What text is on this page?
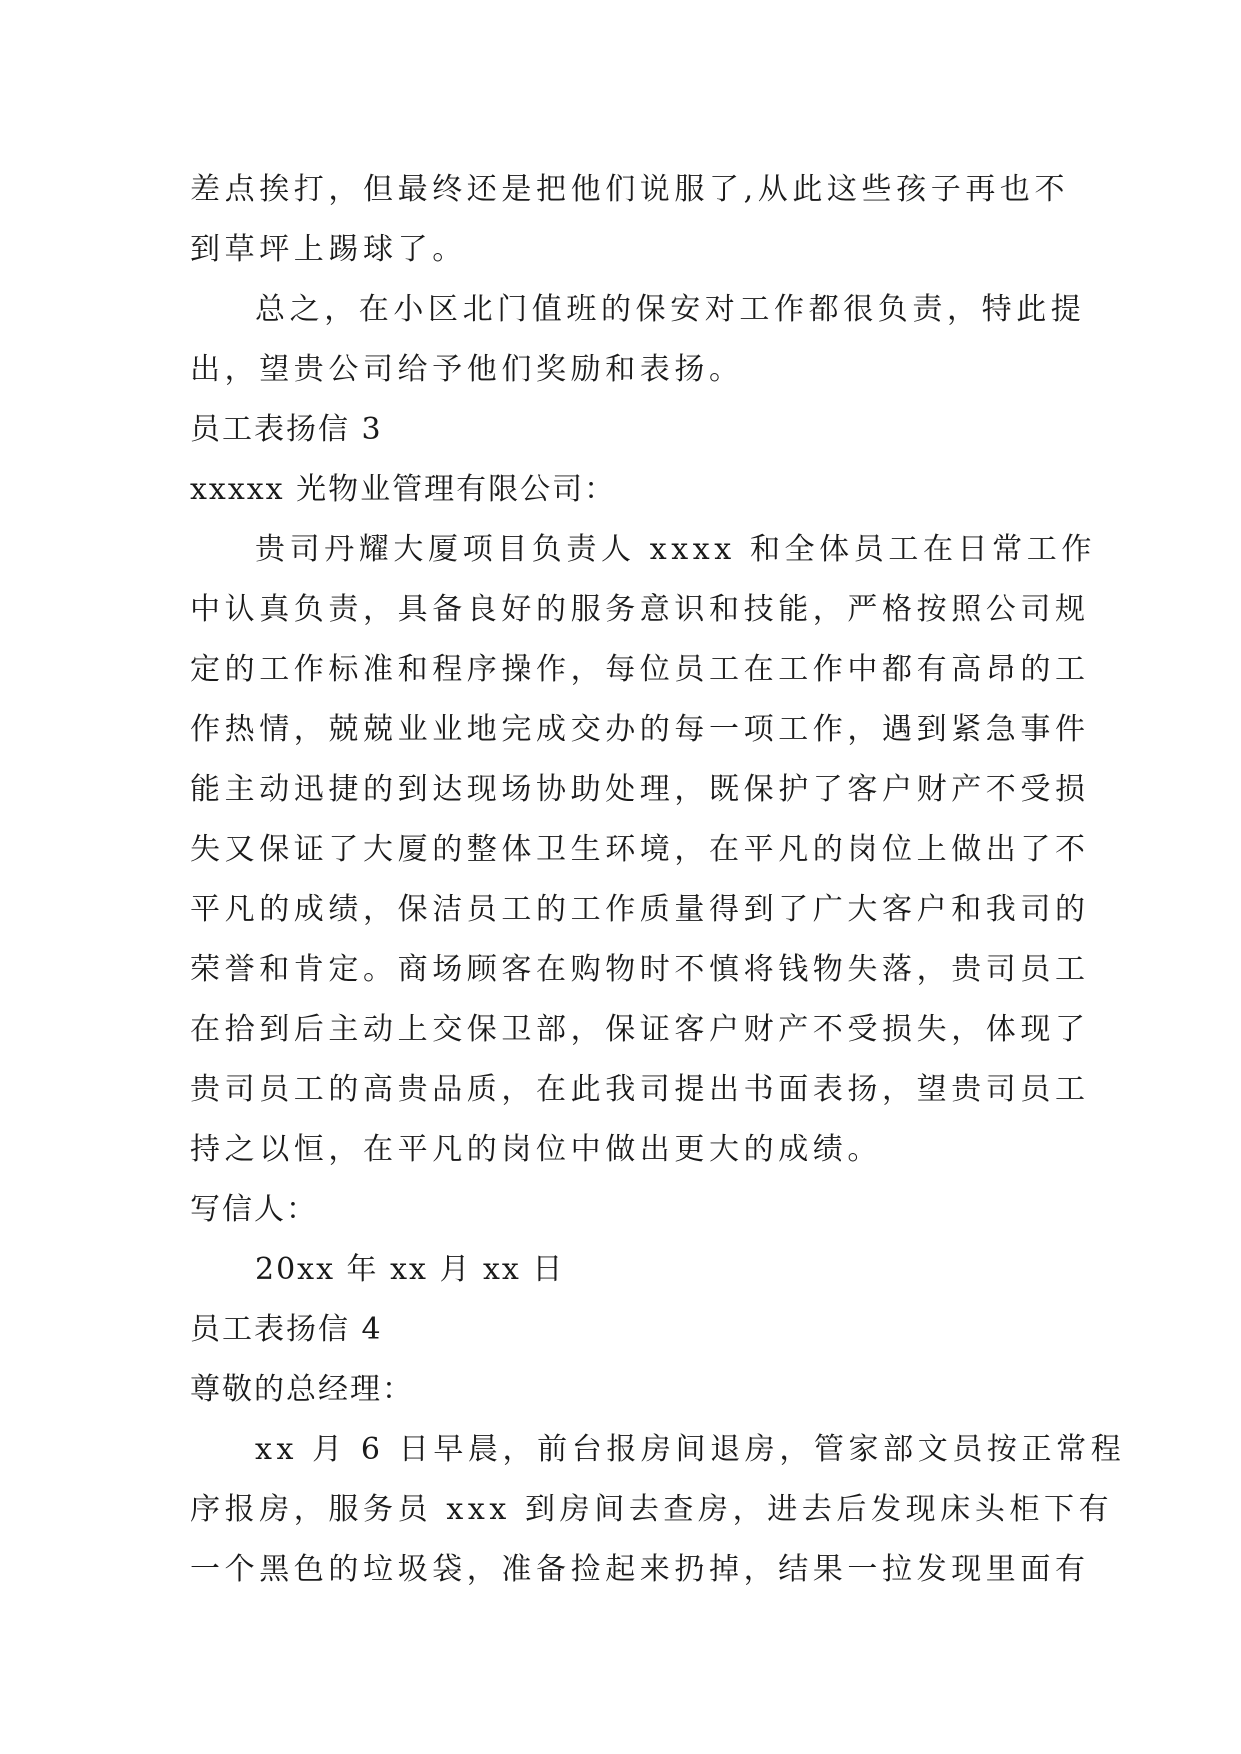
差点挨打，但最终还是把他们说服了,从此这些孩子再也不
到草坪上踢球了。
总之，在小区北门值班的保安对工作都很负责，特此提
出，望贵公司给予他们奖励和表扬。
员工表扬信 3
xxxxx 光物业管理有限公司：
贵司丹耀大厦项目负责人 xxxx 和全体员工在日常工作
中认真负责，具备良好的服务意识和技能，严格按照公司规
定的工作标准和程序操作，每位员工在工作中都有高昂的工
作热情，兢兢业业地完成交办的每一项工作，遇到紧急事件
能主动迅捷的到达现场协助处理，既保护了客户财产不受损
失又保证了大厦的整体卫生环境，在平凡的岗位上做出了不
平凡的成绩，保洁员工的工作质量得到了广大客户和我司的
荣誉和肯定。商场顾客在购物时不慎将钱物失落，贵司员工
在拾到后主动上交保卫部，保证客户财产不受损失，体现了
贵司员工的高贵品质，在此我司提出书面表扬，望贵司员工
持之以恒，在平凡的岗位中做出更大的成绩。
写信人：
20xx 年 xx 月 xx 日
员工表扬信 4
尊敬的总经理：
xx 月 6 日早晨，前台报房间退房，管家部文员按正常程
序报房，服务员 xxx 到房间去查房，进去后发现床头柜下有
一个黑色的垃圾袋，准备捡起来扔掉，结果一拉发现里面有
